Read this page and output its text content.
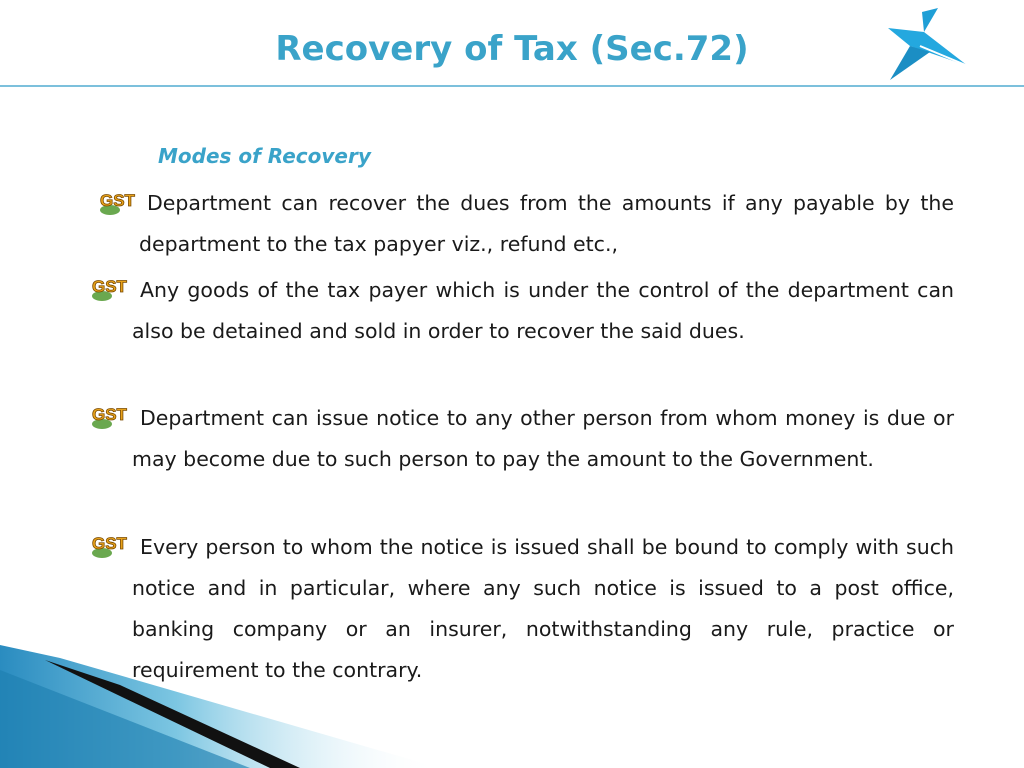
Recovery of Tax (Sec.72)
Modes of Recovery
GST Department can recover the dues from the amounts if any payable by the department to the tax papyer viz., refund etc.,
GST Any goods of the tax payer which is under the control of the department can also be detained and sold in order to recover the said dues.
GST Department can issue notice to any other person from whom money is due or may become due to such person to pay the amount to the Government.
GST Every person to whom the notice is issued shall be bound to comply with such notice and in particular, where any such notice is issued to a post office, banking company or an insurer, notwithstanding any rule, practice or requirement to the contrary.
